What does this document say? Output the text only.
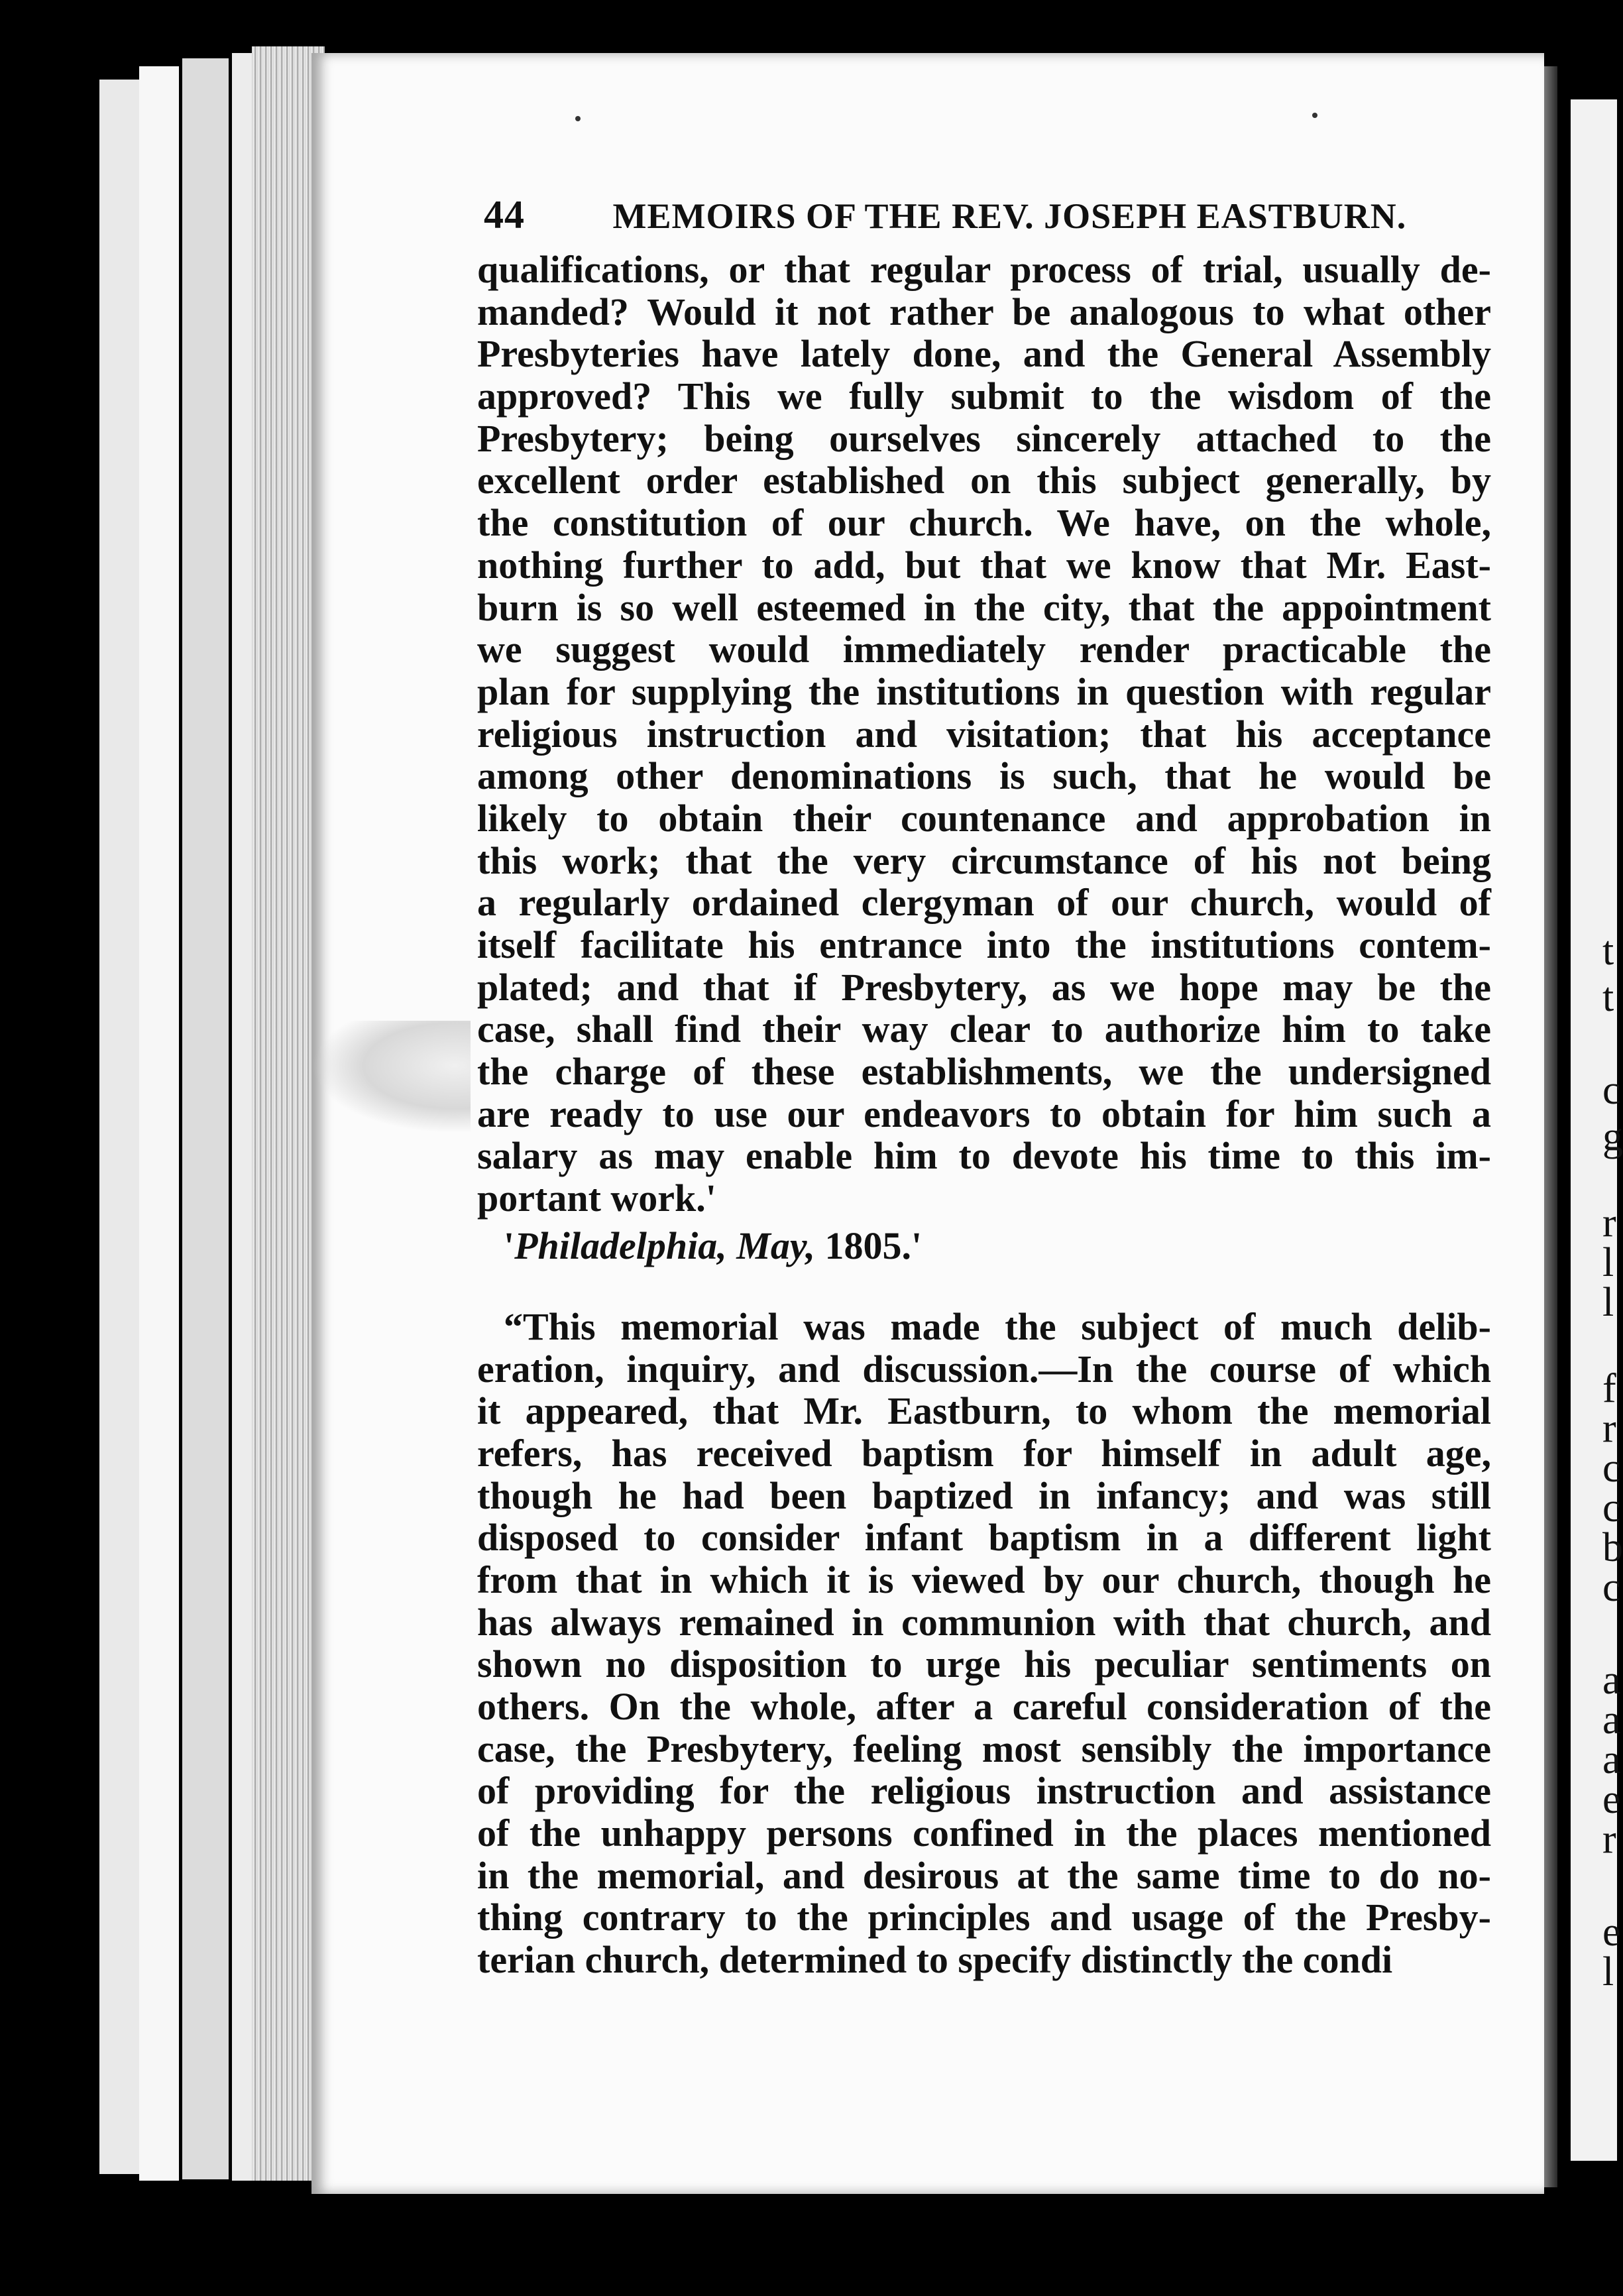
t
t
c
g
r
l
l
f
r
c
c
b
c
a
a
a
e
r
e
l
44 MEMOIRS OF THE REV. JOSEPH EASTBURN.
qualifications, or that regular process of trial, usually de-
manded? Would it not rather be analogous to what other
Presbyteries have lately done, and the General Assembly
approved? This we fully submit to the wisdom of the
Presbytery; being ourselves sincerely attached to the
excellent order established on this subject generally, by
the constitution of our church. We have, on the whole,
nothing further to add, but that we know that Mr. East-
burn is so well esteemed in the city, that the appointment
we suggest would immediately render practicable the
plan for supplying the institutions in question with regular
religious instruction and visitation; that his acceptance
among other denominations is such, that he would be
likely to obtain their countenance and approbation in
this work; that the very circumstance of his not being
a regularly ordained clergyman of our church, would of
itself facilitate his entrance into the institutions contem-
plated; and that if Presbytery, as we hope may be the
case, shall find their way clear to authorize him to take
the charge of these establishments, we the undersigned
are ready to use our endeavors to obtain for him such a
salary as may enable him to devote his time to this im-
portant work.'
'Philadelphia, May, 1805.'
“This memorial was made the subject of much delib-
eration, inquiry, and discussion.—In the course of which
it appeared, that Mr. Eastburn, to whom the memorial
refers, has received baptism for himself in adult age,
though he had been baptized in infancy; and was still
disposed to consider infant baptism in a different light
from that in which it is viewed by our church, though he
has always remained in communion with that church, and
shown no disposition to urge his peculiar sentiments on
others. On the whole, after a careful consideration of the
case, the Presbytery, feeling most sensibly the importance
of providing for the religious instruction and assistance
of the unhappy persons confined in the places mentioned
in the memorial, and desirous at the same time to do no-
thing contrary to the principles and usage of the Presby-
terian church, determined to specify distinctly the condi
